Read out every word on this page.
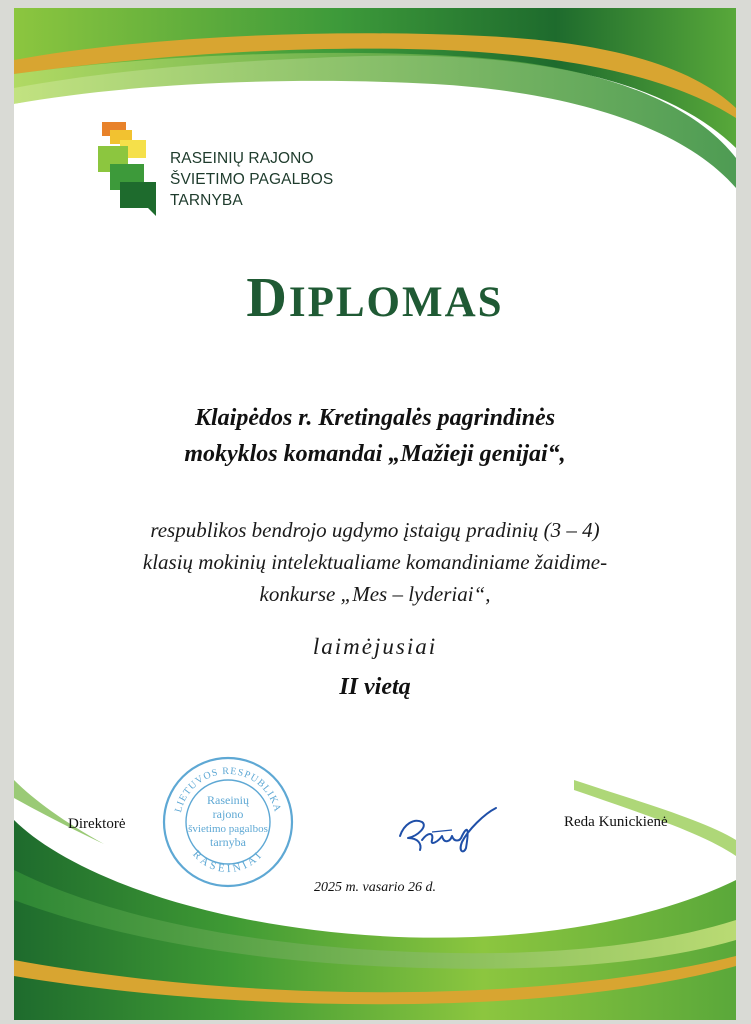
RASEINIŲ RAJONO
ŠVIETIMO PAGALBOS
TARNYBA
DIPLOMAS
Klaipėdos r. Kretingalės pagrindinės
mokyklos komandai „Mažieji genijai“,
respublikos bendrojo ugdymo įstaigų pradinių (3 – 4)
klasių mokinių intelektualiame komandiniame žaidime-
konkurse „Mes – lyderiai“,
laimėjusiai
II vietą
Direktorė
LIETUVOS RESPUBLIKA
RASEINIAI
Raseinių
rajono
švietimo pagalbos
tarnyba
Reda Kunickienė
2025 m. vasario 26 d.
